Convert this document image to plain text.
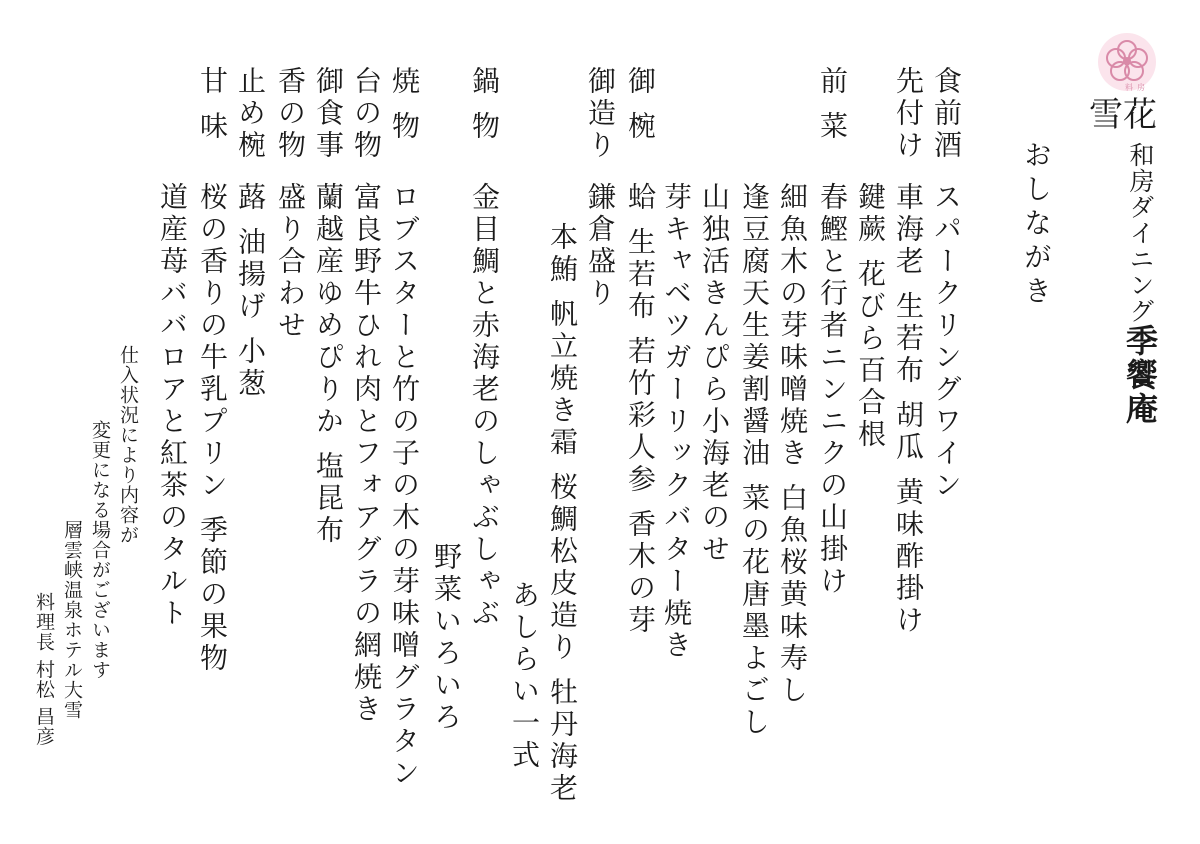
料 房
雪花
和房ダイニング季饗庵
おしながき
食前酒
スパークリングワイン
先付け
車海老 生若布 胡瓜 黄味酢掛け
前 菜
鍵蕨 花びら百合根
春鰹と行者ニンニクの山掛け
細魚木の芽味噌焼き 白魚桜黄味寿し
逢豆腐天生姜割醤油 菜の花唐墨よごし
山独活きんぴら小海老のせ
御 椀
芽キャベツガーリックバター焼き
蛤 生若布 若竹彩人参 香木の芽
御造り
鎌倉盛り
本鮪 帆立焼き霜 桜鯛松皮造り 牡丹海老
あしらい一式
鍋 物
金目鯛と赤海老のしゃぶしゃぶ
野菜いろいろ
焼 物
ロブスターと竹の子の木の芽味噌グラタン
台の物
富良野牛ひれ肉とフォアグラの網焼き
御食事
蘭越産ゆめぴりか 塩昆布
香の物
盛り合わせ
止め椀
蕗 油揚げ 小葱
甘 味
桜の香りの牛乳プリン 季節の果物
道産苺ババロアと紅茶のタルト
仕入状況により内容が
変更になる場合がございます
層雲峡温泉ホテル大雪
料理長 村松 昌彦
